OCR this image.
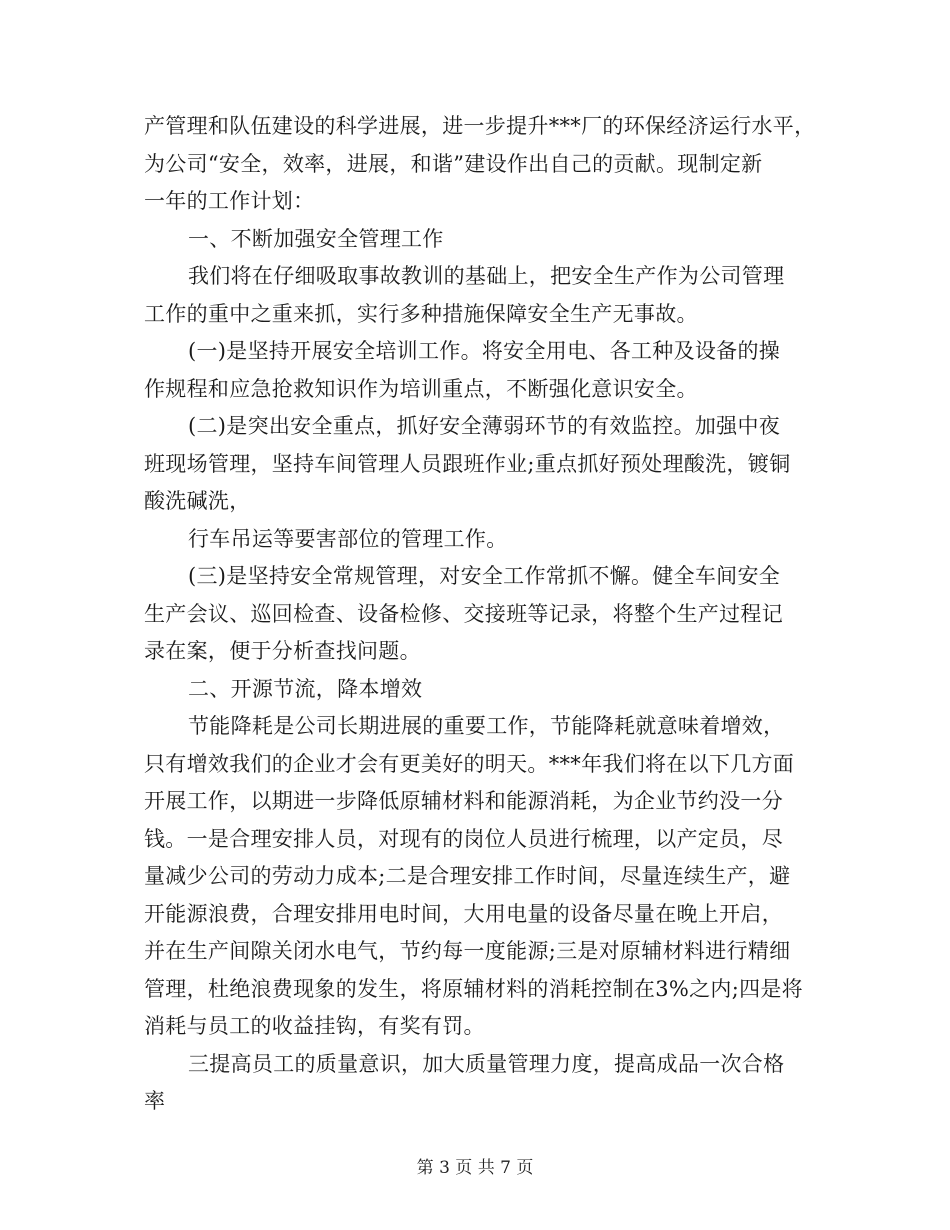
产管理和队伍建设的科学进展，进一步提升***厂的环保经济运行水平，
为公司“安全，效率，进展，和谐”建设作出自己的贡献。现制定新
一年的工作计划：
一、不断加强安全管理工作
我们将在仔细吸取事故教训的基础上，把安全生产作为公司管理
工作的重中之重来抓，实行多种措施保障安全生产无事故。
(一)是坚持开展安全培训工作。将安全用电、各工种及设备的操
作规程和应急抢救知识作为培训重点，不断强化意识安全。
(二)是突出安全重点，抓好安全薄弱环节的有效监控。加强中夜
班现场管理，坚持车间管理人员跟班作业;重点抓好预处理酸洗，镀铜
酸洗碱洗，
行车吊运等要害部位的管理工作。
(三)是坚持安全常规管理，对安全工作常抓不懈。健全车间安全
生产会议、巡回检查、设备检修、交接班等记录，将整个生产过程记
录在案，便于分析查找问题。
二、开源节流，降本增效
节能降耗是公司长期进展的重要工作，节能降耗就意味着增效，
只有增效我们的企业才会有更美好的明天。***年我们将在以下几方面
开展工作，以期进一步降低原辅材料和能源消耗，为企业节约没一分
钱。一是合理安排人员，对现有的岗位人员进行梳理，以产定员，尽
量减少公司的劳动力成本;二是合理安排工作时间，尽量连续生产，避
开能源浪费，合理安排用电时间，大用电量的设备尽量在晚上开启，
并在生产间隙关闭水电气，节约每一度能源;三是对原辅材料进行精细
管理，杜绝浪费现象的发生，将原辅材料的消耗控制在3%之内;四是将
消耗与员工的收益挂钩，有奖有罚。
三提高员工的质量意识，加大质量管理力度，提高成品一次合格
率
第 3 页 共 7 页
